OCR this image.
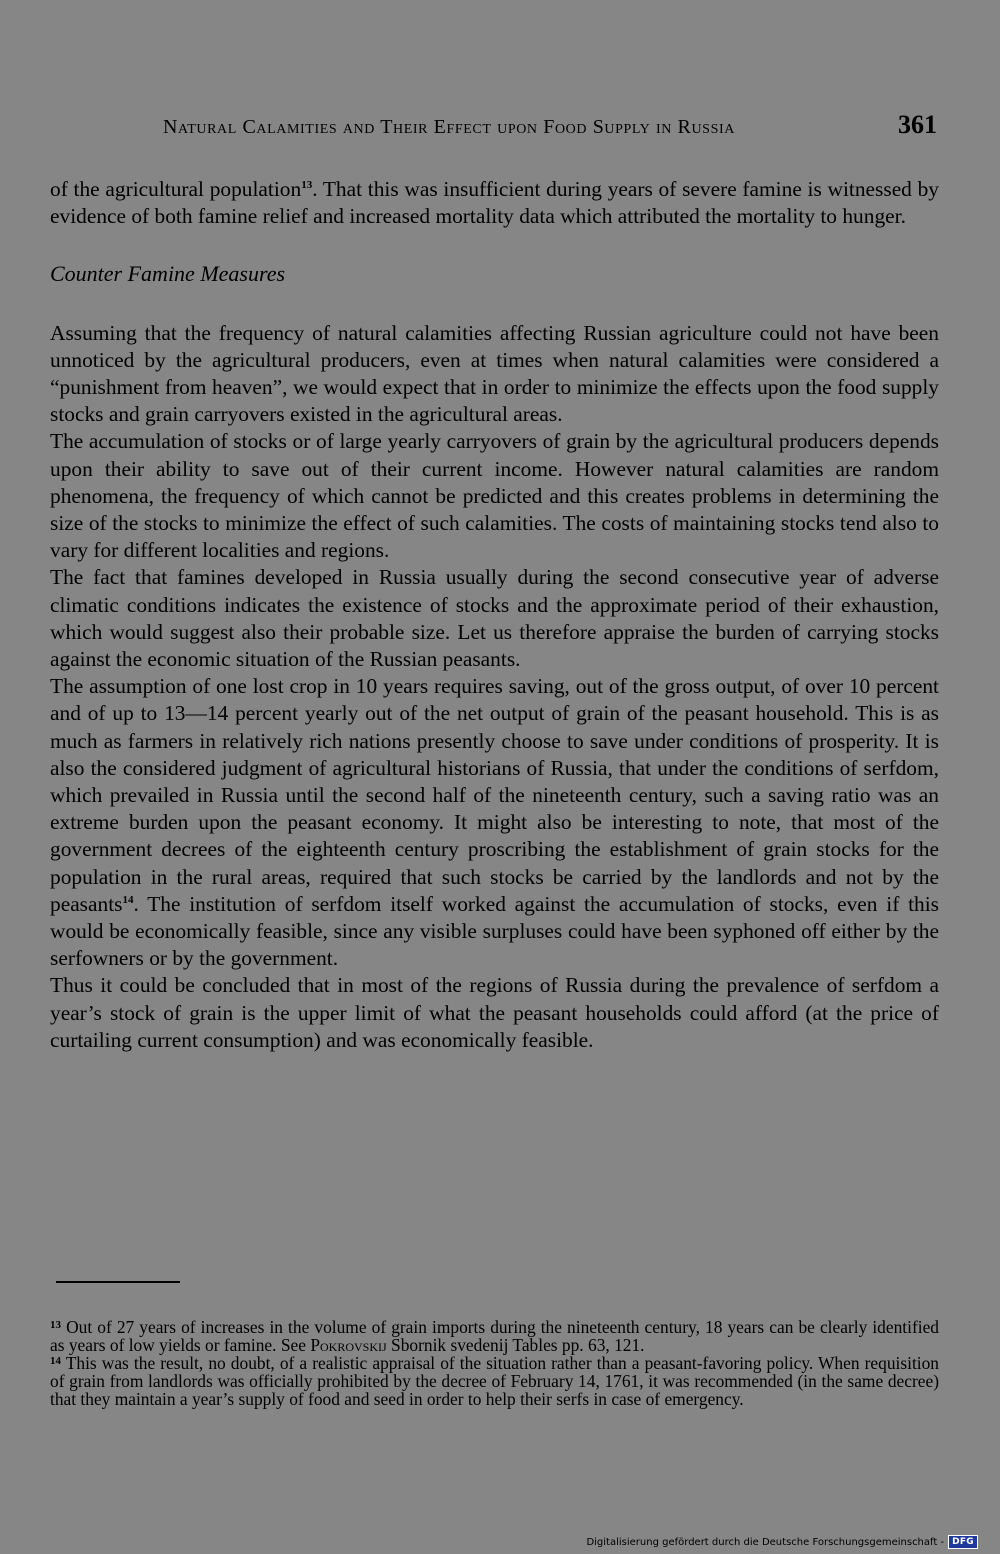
Natural Calamities and Their Effect upon Food Supply in Russia	361

of the agricultural population$^{13}$. That this was insufficient during years of severe famine is witnessed by evidence of both famine relief and increased mortality data which attributed the mortality to hunger.

Counter Famine Measures

Assuming that the frequency of natural calamities affecting Russian agriculture could not have been unnoticed by the agricultural producers, even at times when natural calamities were considered a “punishment from heaven”, we would expect that in order to minimize the effects upon the food supply stocks and grain carryovers existed in the agricultural areas.

The accumulation of stocks or of large yearly carryovers of grain by the agricultural producers depends upon their ability to save out of their current income. However natural calamities are random phenomena, the frequency of which cannot be predicted and this creates problems in determining the size of the stocks to minimize the effect of such calamities. The costs of maintaining stocks tend also to vary for different localities and regions.

The fact that famines developed in Russia usually during the second consecutive year of adverse climatic conditions indicates the existence of stocks and the approximate period of their exhaustion, which would suggest also their probable size. Let us therefore appraise the burden of carrying stocks against the economic situation of the Russian peasants.

The assumption of one lost crop in 10 years requires saving, out of the gross output, of over 10 percent and of up to 13—14 percent yearly out of the net output of grain of the peasant household. This is as much as farmers in relatively rich nations presently choose to save under conditions of prosperity. It is also the considered judgment of agricultural historians of Russia, that under the conditions of serfdom, which prevailed in Russia until the second half of the nineteenth century, such a saving ratio was an extreme burden upon the peasant economy. It might also be interesting to note, that most of the government decrees of the eighteenth century proscribing the establishment of grain stocks for the population in the rural areas, required that such stocks be carried by the landlords and not by the peasants$^{14}$. The institution of serfdom itself worked against the accumulation of stocks, even if this would be economically feasible, since any visible surpluses could have been syphoned off either by the serfowners or by the government.

Thus it could be concluded that in most of the regions of Russia during the prevalence of serfdom a year’s stock of grain is the upper limit of what the peasant households could afford (at the price of curtailing current consumption) and was economically feasible.

$^{13}$ Out of 27 years of increases in the volume of grain imports during the nineteenth century, 18 years can be clearly identified as years of low yields or famine. See Pokrovskij Sbornik svedenij Tables pp. 63, 121.

$^{14}$ This was the result, no doubt, of a realistic appraisal of the situation rather than a peasant-favoring policy. When requisition of grain from landlords was officially prohibited by the decree of February 14, 1761, it was recommended (in the same decree) that they maintain a year’s supply of food and seed in order to help their serfs in case of emergency.

Digitalisierung gefördert durch die Deutsche Forschungsgemeinschaft - DFG
